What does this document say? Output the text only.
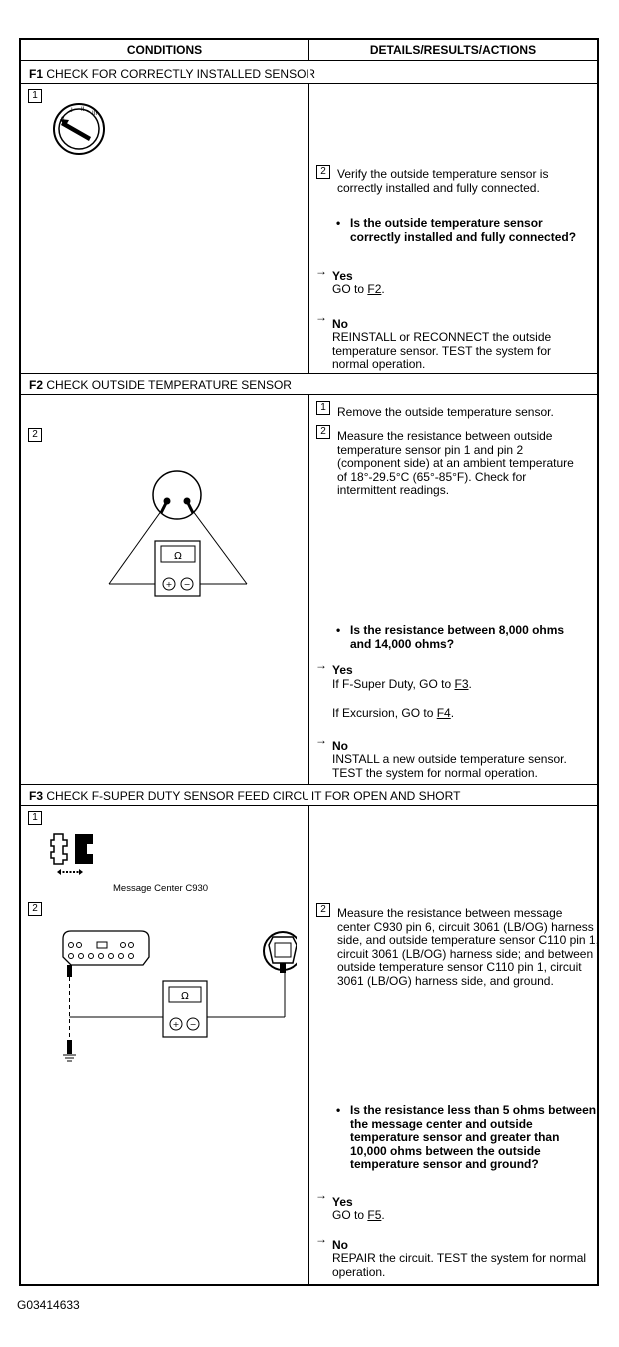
CONDITIONS	DETAILS/RESULTS/ACTIONS
F1 CHECK FOR CORRECTLY INSTALLED SENSOR
1
I II
III
2 Verify the outside temperature sensor is correctly installed and fully connected.
• Is the outside temperature sensor correctly installed and fully connected?
→ Yes
GO to F2.
→ No
REINSTALL or RECONNECT the outside temperature sensor. TEST the system for normal operation.
F2 CHECK OUTSIDE TEMPERATURE SENSOR
1 Remove the outside temperature sensor.
2 Measure the resistance between outside temperature sensor pin 1 and pin 2 (component side) at an ambient temperature of 18°-29.5°C (65°-85°F). Check for intermittent readings.
2
Ω
+ −
• Is the resistance between 8,000 ohms and 14,000 ohms?
→ Yes
If F-Super Duty, GO to F3.
If Excursion, GO to F4.
→ No
INSTALL a new outside temperature sensor. TEST the system for normal operation.
F3 CHECK F-SUPER DUTY SENSOR FEED CIRCUIT FOR OPEN AND SHORT
1
Message Center C930
2
Ω
+ −
2 Measure the resistance between message center C930 pin 6, circuit 3061 (LB/OG) harness side, and outside temperature sensor C110 pin 1, circuit 3061 (LB/OG) harness side; and between outside temperature sensor C110 pin 1, circuit 3061 (LB/OG) harness side, and ground.
• Is the resistance less than 5 ohms between the message center and outside temperature sensor and greater than 10,000 ohms between the outside temperature sensor and ground?
→ Yes
GO to F5.
→ No
REPAIR the circuit. TEST the system for normal operation.
G03414633
